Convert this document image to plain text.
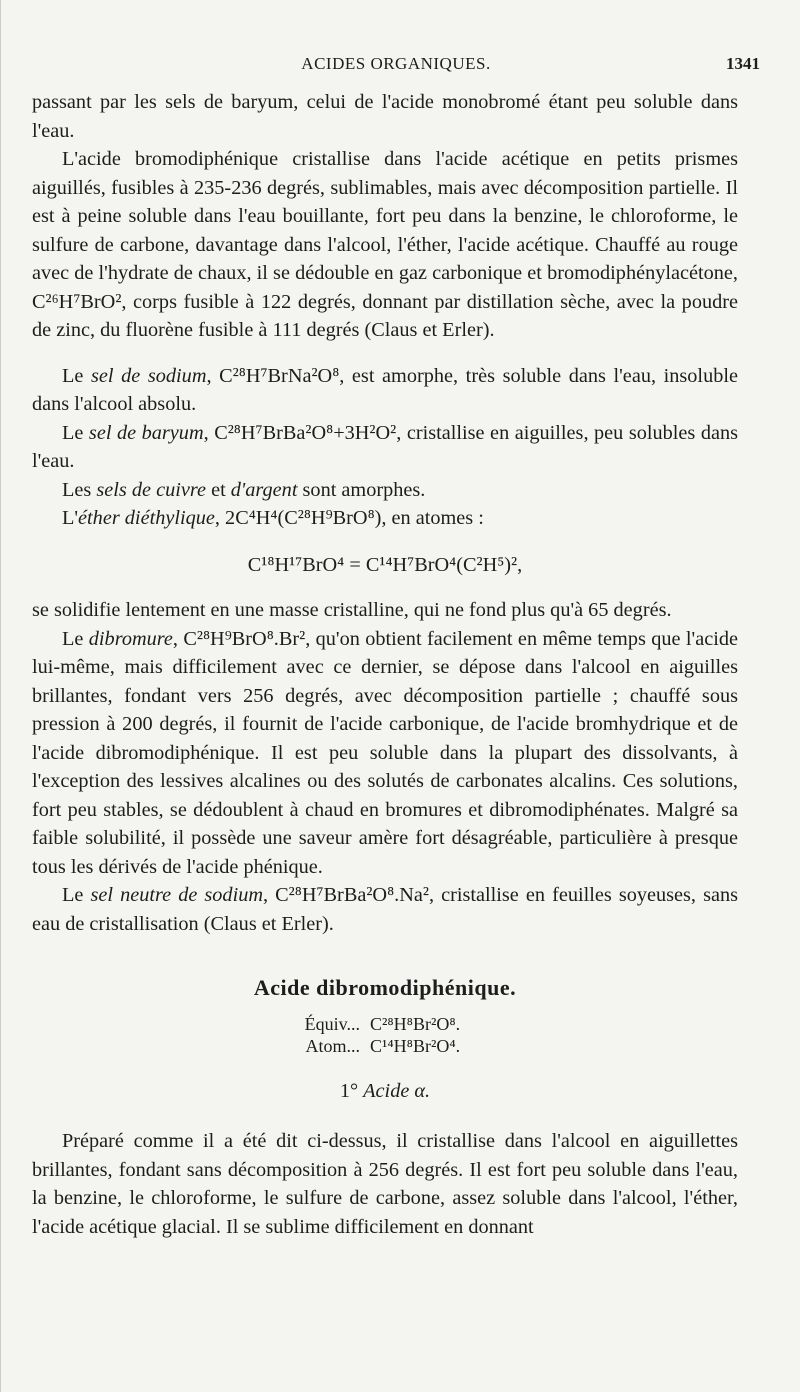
ACIDES ORGANIQUES.	1341

passant par les sels de baryum, celui de l'acide monobromé étant peu soluble dans l'eau.

L'acide bromodiphénique cristallise dans l'acide acétique en petits prismes aiguillés, fusibles à 235-236 degrés, sublimables, mais avec décomposition partielle. Il est à peine soluble dans l'eau bouillante, fort peu dans la benzine, le chloroforme, le sulfure de carbone, davantage dans l'alcool, l'éther, l'acide acétique. Chauffé au rouge avec de l'hydrate de chaux, il se dédouble en gaz carbonique et bromodiphénylacétone, C²⁶H⁷BrO², corps fusible à 122 degrés, donnant par distillation sèche, avec la poudre de zinc, du fluorène fusible à 111 degrés (Claus et Erler).

Le sel de sodium, C²⁸H⁷BrNa²O⁸, est amorphe, très soluble dans l'eau, insoluble dans l'alcool absolu.

Le sel de baryum, C²⁸H⁷BrBa²O⁸+3H²O², cristallise en aiguilles, peu solubles dans l'eau.

Les sels de cuivre et d'argent sont amorphes.

L'éther diéthylique, 2C⁴H⁴(C²⁸H⁹BrO⁸), en atomes :

C¹⁸H¹⁷BrO⁴ = C¹⁴H⁷BrO⁴(C²H⁵)²,

se solidifie lentement en une masse cristalline, qui ne fond plus qu'à 65 degrés.

Le dibromure, C²⁸H⁹BrO⁸.Br², qu'on obtient facilement en même temps que l'acide lui-même, mais difficilement avec ce dernier, se dépose dans l'alcool en aiguilles brillantes, fondant vers 256 degrés, avec décomposition partielle ; chauffé sous pression à 200 degrés, il fournit de l'acide carbonique, de l'acide bromhydrique et de l'acide dibromodiphénique. Il est peu soluble dans la plupart des dissolvants, à l'exception des lessives alcalines ou des solutés de carbonates alcalins. Ces solutions, fort peu stables, se dédoublent à chaud en bromures et dibromodiphénates. Malgré sa faible solubilité, il possède une saveur amère fort désagréable, particulière à presque tous les dérivés de l'acide phénique.

Le sel neutre de sodium, C²⁸H⁷BrBa²O⁸.Na², cristallise en feuilles soyeuses, sans eau de cristallisation (Claus et Erler).

Acide dibromodiphénique.

Équiv... C²⁸H⁸Br²O⁸.
Atom... C¹⁴H⁸Br²O⁴.

1° Acide α.

Préparé comme il a été dit ci-dessus, il cristallise dans l'alcool en aiguillettes brillantes, fondant sans décomposition à 256 degrés. Il est fort peu soluble dans l'eau, la benzine, le chloroforme, le sulfure de carbone, assez soluble dans l'alcool, l'éther, l'acide acétique glacial. Il se sublime difficilement en donnant
